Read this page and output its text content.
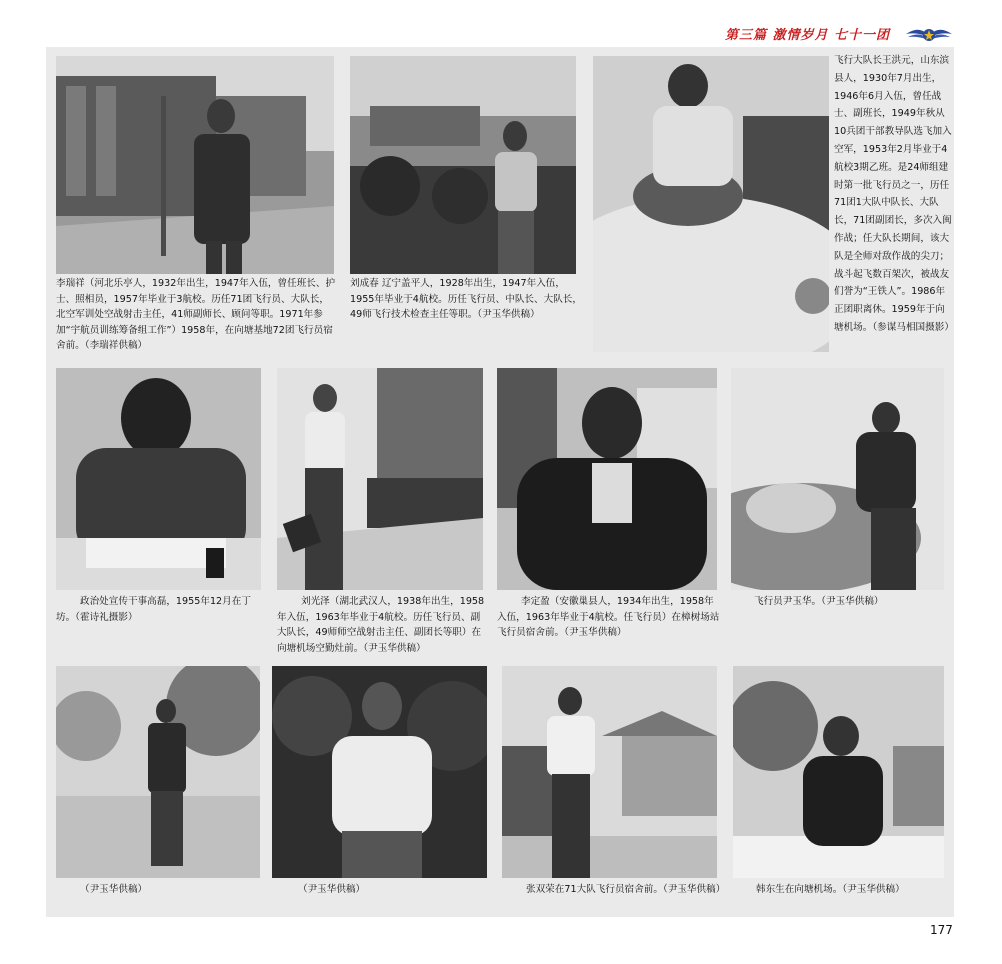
第三篇 激情岁月 七十一团
李瑞祥（河北乐亭人，1932年出生，1947年入伍，曾任班长、护士、照相员，1957年毕业于3航校。历任71团飞行员、大队长，北空军训处空战射击主任，41师副师长、顾问等职。1971年参加“宇航员训练筹备组工作”）1958年，在向塘基地72团飞行员宿舍前。（李瑞祥供稿）
刘成春 辽宁盖平人，1928年出生，1947年入伍，1955年毕业于4航校。历任飞行员、中队长、大队长，49师飞行技术检查主任等职。（尹玉华供稿）
飞行大队长王洪元，山东滨县人，1930年7月出生，1946年6月入伍，曾任战士、副班长，1949年秋从10兵团干部教导队选飞加入空军，1953年2月毕业于4航校3期乙班。是24师组建时第一批飞行员之一，历任71团1大队中队长、大队长，71团副团长，多次入闽作战；任大队长期间，该大队是全师对敌作战的尖刀；战斗起飞数百架次，被战友们誉为“王铁人”。1986年正团职离休。1959年于向塘机场。（参谋马相国摄影）
政治处宣传干事高磊，1955年12月在丁坊。（霍诗礼摄影）
刘光泽（湖北武汉人，1938年出生，1958年入伍，1963年毕业于4航校。历任飞行员、副大队长，49师师空战射击主任、副团长等职）在向塘机场空勤灶前。（尹玉华供稿）
李定盈（安徽巢县人，1934年出生，1958年入伍，1963年毕业于4航校。任飞行员）在樟树场站飞行员宿舍前。（尹玉华供稿）
飞行员尹玉华。（尹玉华供稿）
（尹玉华供稿）	（尹玉华供稿）	张双荣在71大队飞行员宿舍前。（尹玉华供稿）	韩东生在向塘机场。（尹玉华供稿）
177
